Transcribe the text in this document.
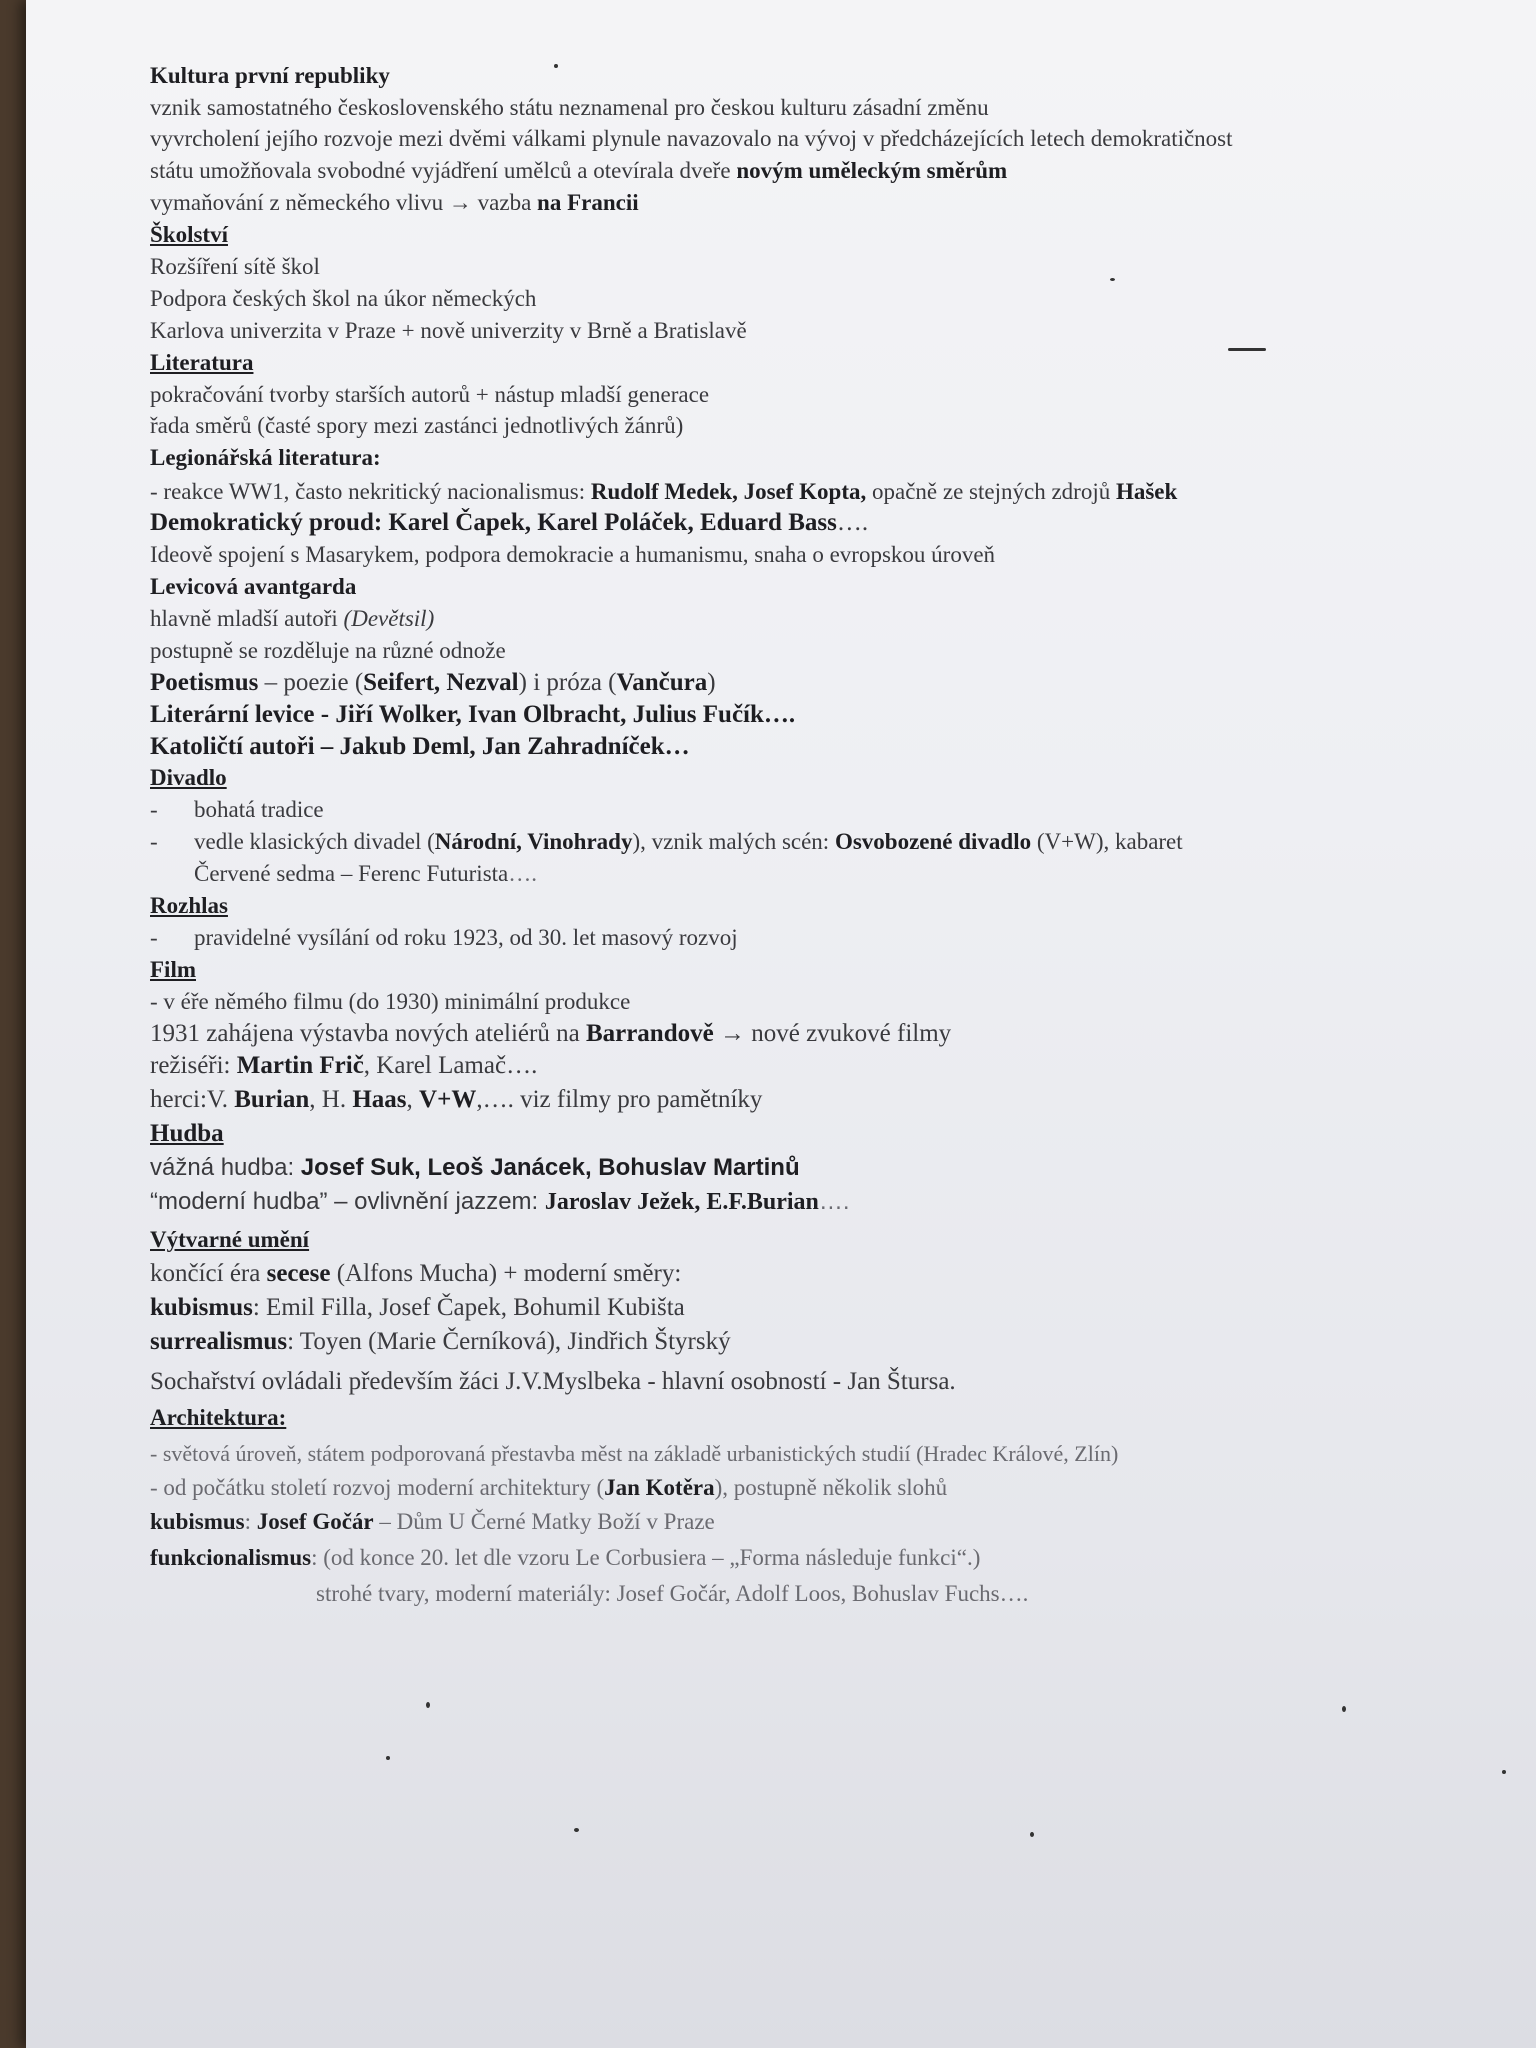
Kultura první republiky
vznik samostatného československého státu neznamenal pro českou kulturu zásadní změnu
vyvrcholení jejího rozvoje mezi dvěmi válkami plynule navazovalo na vývoj v předcházejících letech demokratičnost
státu umožňovala svobodné vyjádření umělců a otevírala dveře novým uměleckým směrům
vymaňování z německého vlivu → vazba na Francii
Školství
Rozšíření sítě škol
Podpora českých škol na úkor německých
Karlova univerzita v Praze + nově univerzity v Brně a Bratislavě
Literatura
pokračování tvorby starších autorů + nástup mladší generace
řada směrů (časté spory mezi zastánci jednotlivých žánrů)
Legionářská literatura:
- reakce WW1, často nekritický nacionalismus: Rudolf Medek, Josef Kopta, opačně ze stejných zdrojů Hašek
Demokratický proud: Karel Čapek, Karel Poláček, Eduard Bass….
Ideově spojení s Masarykem, podpora demokracie a humanismu, snaha o evropskou úroveň
Levicová avantgarda
hlavně mladší autoři (Devětsil)
postupně se rozděluje na různé odnože
Poetismus – poezie (Seifert, Nezval) i próza (Vančura)
Literární levice - Jiří Wolker, Ivan Olbracht, Julius Fučík….
Katoličtí autoři – Jakub Deml, Jan Zahradníček…
Divadlo
- bohatá tradice
- vedle klasických divadel (Národní, Vinohrady), vznik malých scén: Osvobozené divadlo (V+W), kabaret
Červené sedma – Ferenc Futurista….
Rozhlas
- pravidelné vysílání od roku 1923, od 30. let masový rozvoj
Film
- v éře němého filmu (do 1930) minimální produkce
1931 zahájena výstavba nových ateliérů na Barrandově → nové zvukové filmy
režiséři: Martin Frič, Karel Lamač….
herci:V. Burian, H. Haas, V+W,…. viz filmy pro pamětníky
Hudba
vážná hudba: Josef Suk, Leoš Janácek, Bohuslav Martinů
“moderní hudba” – ovlivnění jazzem: Jaroslav Ježek, E.F.Burian….
Výtvarné umění
končící éra secese (Alfons Mucha) + moderní směry:
kubismus: Emil Filla, Josef Čapek, Bohumil Kubišta
surrealismus: Toyen (Marie Černíková), Jindřich Štyrský
Sochařství ovládali především žáci J.V.Myslbeka - hlavní osobností - Jan Štursa.
Architektura:
- světová úroveň, státem podporovaná přestavba měst na základě urbanistických studií (Hradec Králové, Zlín)
- od počátku století rozvoj moderní architektury (Jan Kotěra), postupně několik slohů
kubismus: Josef Gočár – Dům U Černé Matky Boží v Praze
funkcionalismus: (od konce 20. let dle vzoru Le Corbusiera – „Forma následuje funkci“.)
strohé tvary, moderní materiály: Josef Gočár, Adolf Loos, Bohuslav Fuchs….
